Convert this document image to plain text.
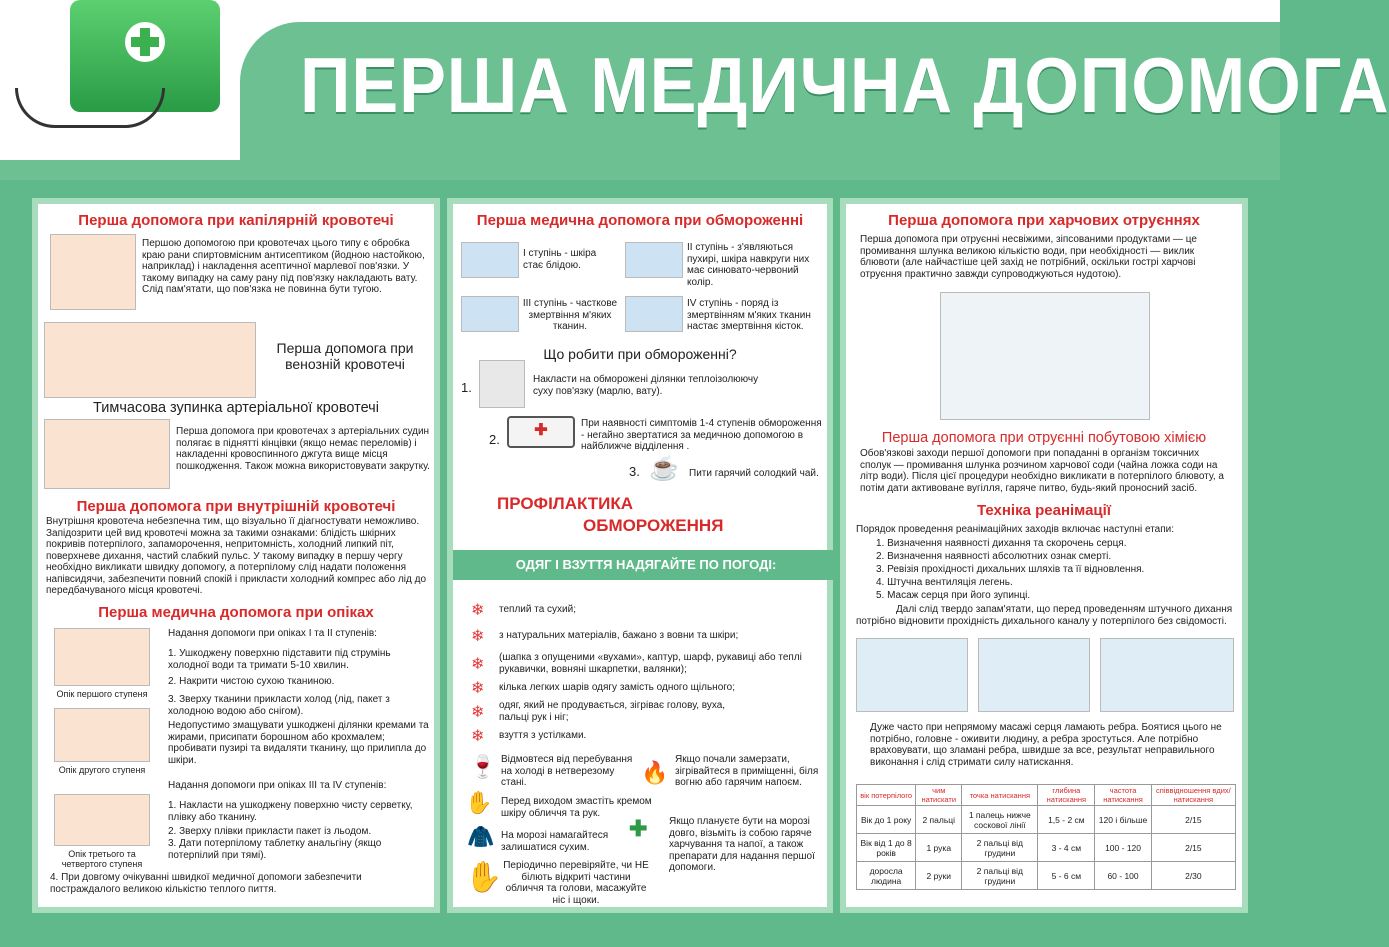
ПЕРША МЕДИЧНА ДОПОМОГА
Перша допомога при капілярній кровотечі
Першою допомогою при кровотечах цього типу є обробка краю рани спиртовмісним антисептиком (йодною настойкою, наприклад) і накладення асептичної марлевої пов'язки. У такому випадку на саму рану під пов'язку накладають вату. Слід пам'ятати, що пов'язка не повинна бути тугою.
Перша допомога при венозній кровотечі
Тимчасова зупинка артеріальної кровотечі
Перша допомога при кровотечах з артеріальних судин полягає в піднятті кінцівки (якщо немає переломів) і накладенні кровоспинного джгута вище місця пошкодження. Також можна використовувати закрутку.
Перша допомога при внутрішній кровотечі
Внутрішня кровотеча небезпечна тим, що візуально її діагностувати неможливо. Запідозрити цей вид кровотечі можна за такими ознаками: блідість шкірних покривів потерпілого, запаморочення, непритомність, холодний липкий піт, поверхневе дихання, частий слабкий пульс. У такому випадку в першу чергу необхідно викликати швидку допомогу, а потерпілому слід надати положення напівсидячи, забезпечити повний спокій і прикласти холодний компрес або лід до передбачуваного місця кровотечі.
Перша медична допомога при опіках
Опік першого ступеня
Опік другого ступеня
Опік третього та четвертого ступеня
Надання допомоги при опіках I та II ступенів:
1. Ушкоджену поверхню підставити під струмінь холодної води та тримати 5-10 хвилин.
2. Накрити чистою сухою тканиною.
3. Зверху тканини прикласти холод (лід, пакет з холодною водою або снігом).
Недопустимо змащувати ушкоджені ділянки кремами та жирами, присипати борошном або крохмалем; пробивати пузирі та видаляти тканину, що прилипла до шкіри.
Надання допомоги при опіках III та IV ступенів:
1. Накласти на ушкоджену поверхню чисту серветку, плівку або тканину.
2. Зверху плівки прикласти пакет із льодом.
3. Дати потерпілому таблетку анальгіну (якщо потерпілий при тямі).
4. При довгому очікуванні швидкої медичної допомоги забезпечити постраждалого великою кількістю теплого пиття.
Перша медична допомога при обмороженні
I ступінь - шкіра стає блідою.
II ступінь - з'являються пухирі, шкіра навкруги них має синювато-червоний колір.
III ступінь - часткове змертвіння м'яких тканин.
IV ступінь - поряд із змертвінням м'яких тканин настає змертвіння кісток.
Що робити при обмороженні?
1.
Накласти на обморожені ділянки теплоізолюючу суху пов'язку (марлю, вату).
2.
✚	При наявності симптомів 1-4 ступенів обмороження - негайно звертатися за медичною допомогою в найближче відділення .
3. ☕ Пити гарячий солодкий чай.
ПРОФІЛАКТИКА
ОБМОРОЖЕННЯ
ОДЯГ І ВЗУТТЯ НАДЯГАЙТЕ ПО ПОГОДІ:
❄ теплий та сухий;
❄ з натуральних матеріалів, бажано з вовни та шкіри;
❄ (шапка з опущеними «вухами», каптур, шарф, рукавиці або теплі рукавички, вовняні шкарпетки, валянки);
❄ кілька легких шарів одягу замість одного щільного;
❄ одяг, який не продувається, зігріває голову, вуха, пальці рук і ніг;
❄ взуття з устілками.
🍷 Відмовтеся від перебування на холоді в нетверезому стані.
✋ Перед виходом змастіть кремом шкіру обличчя та рук.
🧥 На морозі намагайтеся залишатися сухим.
✋ Періодично перевіряйте, чи НЕ білють відкриті частини обличчя та голови, масажуйте ніс і щоки.
🔥
Якщо почали замерзати, зігрівайтеся в приміщенні, біля вогню або гарячим напоєм.
✚ Якщо плануєте бути на морозі довго, візьміть із собою гаряче харчування та напої, а також препарати для надання першої допомоги.
Перша допомога при харчових отруєннях
Перша допомога при отруєнні несвіжими, зіпсованими продуктами — це промивання шлунка великою кількістю води, при необхідності — виклик блювоти (але найчастіше цей захід не потрібний, оскільки гострі харчові отруєння практично завжди супроводжуються нудотою).
Перша допомога при отруєнні побутовою хімією
Обов'язкові заходи першої допомоги при попаданні в організм токсичних сполук — промивання шлунка розчином харчової соди (чайна ложка соди на літр води). Після цієї процедури необхідно викликати в потерпілого блювоту, а потім дати активоване вугілля, гаряче питво, будь-який проносний засіб.
Техніка реанімації
Порядок проведення реанімаційних заходів включає наступні етапи:
1. Визначення наявності дихання та скорочень серця.
2. Визначення наявності абсолютних ознак смерті.
3. Ревізія прохідності дихальних шляхів та її відновлення.
4. Штучна вентиляція легень.
5. Масаж серця при його зупинці.
Далі слід твердо запам'ятати, що перед проведенням штучного дихання потрібно відновити прохідність дихального каналу у потерпілого без свідомості.
Дуже часто при непрямому масажі серця ламають ребра. Боятися цього не потрібно, головне - оживити людину, а ребра зростуться. Але потрібно враховувати, що зламані ребра, швидше за все, результат неправильного виконання і слід стримати силу натискання.
вік потерпілого	чим натискати	точка натискання	глибина натискання	частота натискання	співвідношення вдих/натискання
Вік до 1 року	2 пальці	1 палець нижче соскової лінії	1,5 - 2 см	120 і більше	2/15
Вік від 1 до 8 років	1 рука	2 пальці від грудини	3 - 4 см	100 - 120	2/15
доросла людина	2 руки	2 пальці від грудини	5 - 6 см	60 - 100	2/30
